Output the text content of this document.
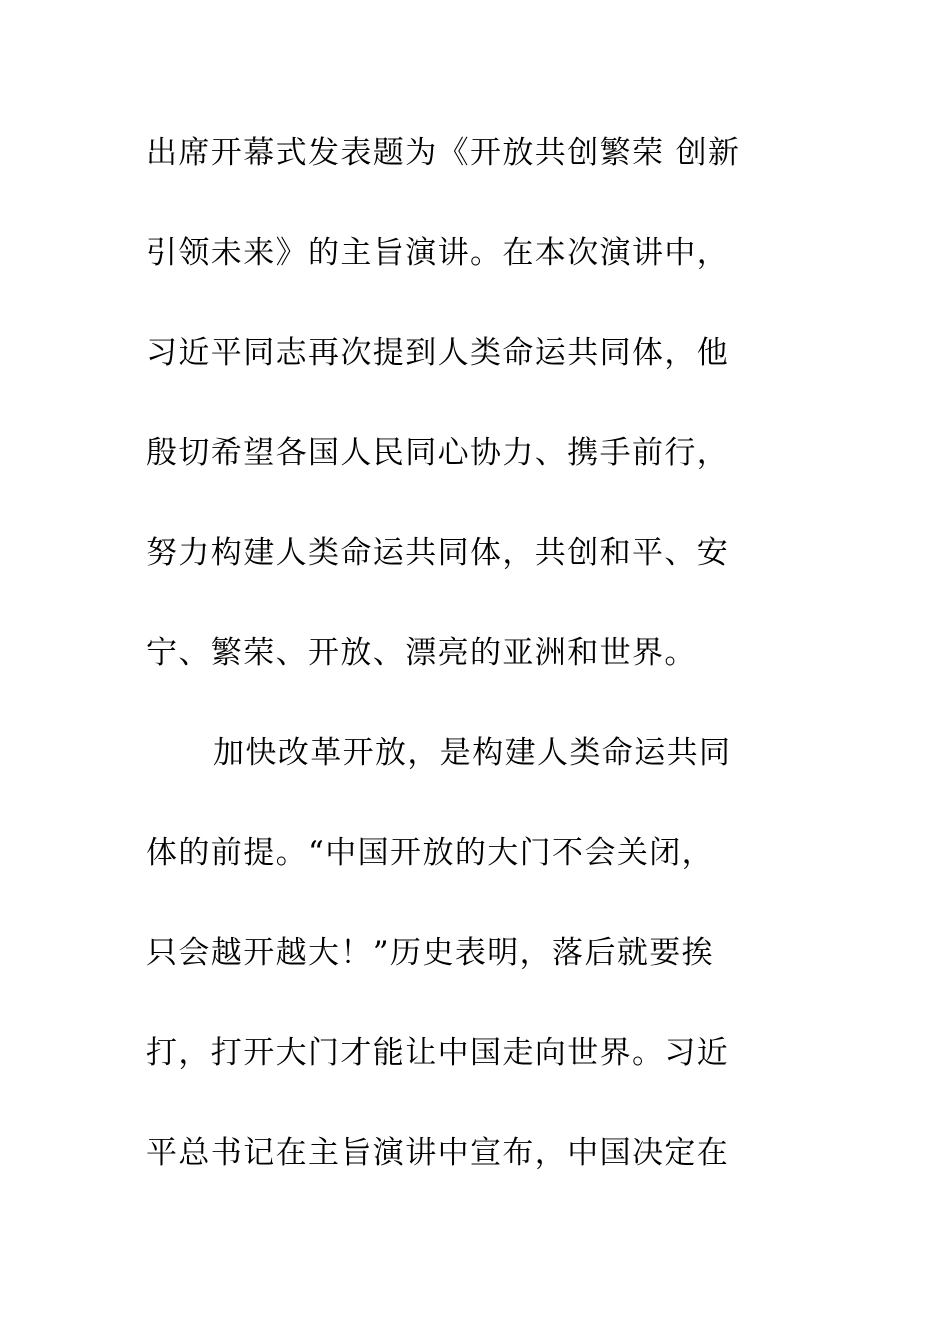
出席开幕式发表题为《开放共创繁荣 创新
引领未来》的主旨演讲。在本次演讲中，
习近平同志再次提到人类命运共同体，他
殷切希望各国人民同心协力、携手前行，
努力构建人类命运共同体，共创和平、安
宁、繁荣、开放、漂亮的亚洲和世界。
加快改革开放，是构建人类命运共同
体的前提。“中国开放的大门不会关闭，
只会越开越大！”历史表明，落后就要挨
打，打开大门才能让中国走向世界。习近
平总书记在主旨演讲中宣布，中国决定在
